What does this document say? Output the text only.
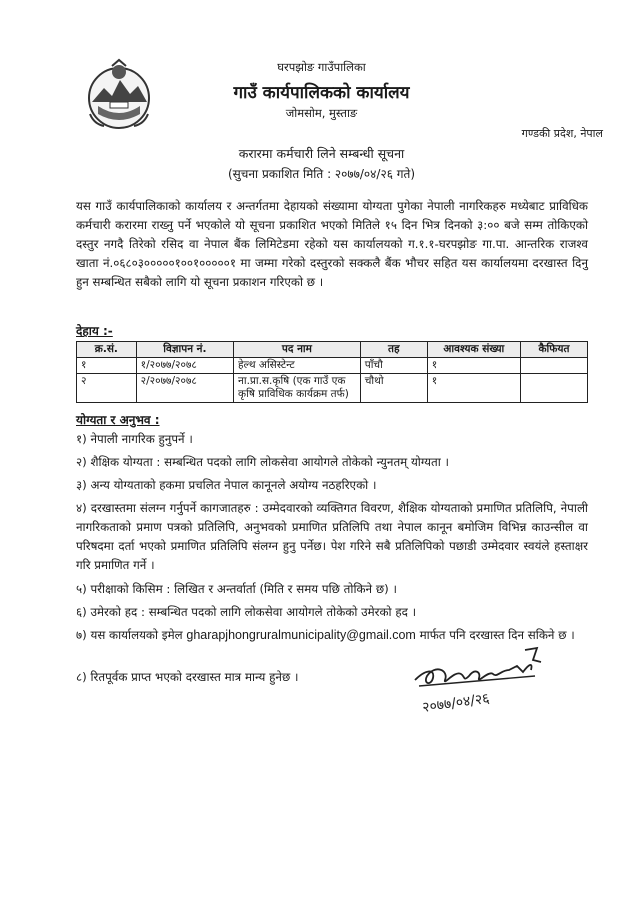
घरपझोङ गाउँपालिका
गाउँ कार्यपालिकको कार्यालय
जोमसोम, मुस्ताङ
गण्डकी प्रदेश, नेपाल
करारमा कर्मचारी लिने सम्बन्धी सूचना
(सुचना प्रकाशित मिति : २०७७/०४/२६ गते)
यस गाउँ कार्यपालिकाको कार्यालय र अन्तर्गतमा देहायको संख्यामा योग्यता पुगेका नेपाली नागरिकहरु मध्येबाट प्राविधिक कर्मचारी करारमा राख्नु पर्ने भएकोले यो सूचना प्रकाशित भएको मितिले १५ दिन भित्र दिनको ३:०० बजे सम्म तोकिएको दस्तुर नगदै तिरेको रसिद वा नेपाल बैंक लिमिटेडमा रहेको यस कार्यालयको ग.१.१-घरपझोङ गा.पा. आन्तरिक राजश्व खाता नं.०६८०३०००००१००१०००००१ मा जम्मा गरेको दस्तुरको सक्कलै बैंक भौचर सहित यस कार्यालयमा दरखास्त दिनु हुन सम्बन्धित सबैको लागि यो सूचना प्रकाशन गरिएको छ ।
देहाय :-
क्र.सं.	विज्ञापन नं.	पद नाम	तह	आवश्यक संख्या	कैफियत
१	१/२०७७/२०७८	हेल्थ असिस्टेन्ट	पाँचौ	१	
२	२/२०७७/२०७८	ना.प्रा.स.कृषि (एक गाउँ एक कृषि प्राविधिक कार्यक्रम तर्फ)	चौथो	१	
योग्यता र अनुभव :
१) नेपाली नागरिक हुनुपर्ने ।
२) शैक्षिक योग्यता : सम्बन्धित पदको लागि लोकसेवा आयोगले तोकेको न्युनतम् योग्यता ।
३) अन्य योग्यताको हकमा प्रचलित नेपाल कानूनले अयोग्य नठहरिएको ।
४) दरखास्तमा संलग्न गर्नुपर्ने कागजातहरु : उम्मेदवारको व्यक्तिगत विवरण, शैक्षिक योग्यताको प्रमाणित प्रतिलिपि, नेपाली नागरिकताको प्रमाण पत्रको प्रतिलिपि, अनुभवको प्रमाणित प्रतिलिपि तथा नेपाल कानून बमोजिम विभिन्न काउन्सील वा परिषदमा दर्ता भएको प्रमाणित प्रतिलिपि संलग्न हुनु पर्नेछ। पेश गरिने सबै प्रतिलिपिको पछाडी उम्मेदवार स्वयंले हस्ताक्षर गरि प्रमाणित गर्ने ।
५) परीक्षाको किसिम : लिखित र अन्तर्वार्ता (मिति र समय पछि तोकिने छ) ।
६) उमेरको हद : सम्बन्धित पदको लागि लोकसेवा आयोगले तोकेको उमेरको हद ।
७) यस कार्यालयको इमेल gharapjhongruralmunicipality@gmail.com मार्फत पनि दरखास्त दिन सकिने छ ।
८) रितपूर्वक प्राप्त भएको दरखास्त मात्र मान्य हुनेछ ।
२०७७/०४/२६
